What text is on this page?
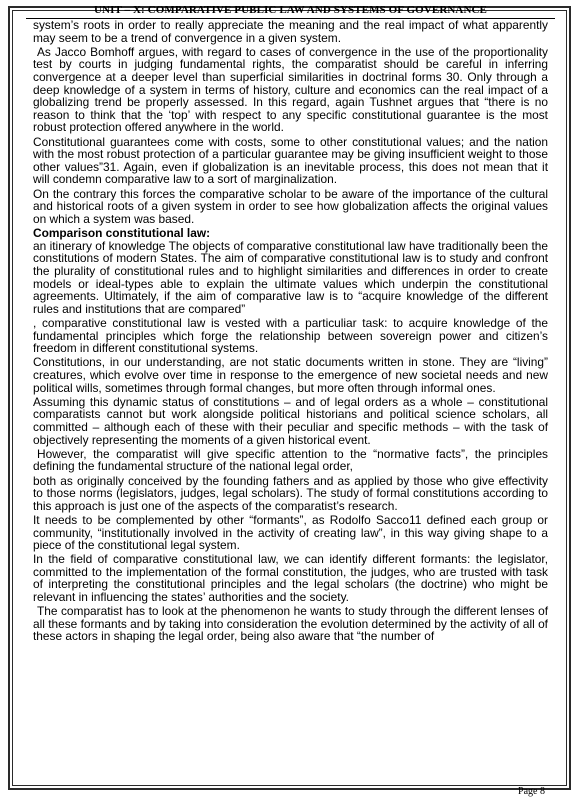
UNIT – X: COMPARATIVE PUBLIC LAW AND SYSTEMS OF GOVERNANCE

system’s roots in order to really appreciate the meaning and the real impact of what apparently may seem to be a trend of convergence in a given system.

As Jacco Bomhoff argues, with regard to cases of convergence in the use of the proportionality test by courts in judging fundamental rights, the comparatist should be careful in inferring convergence at a deeper level than superficial similarities in doctrinal forms 30. Only through a deep knowledge of a system in terms of history, culture and economics can the real impact of a globalizing trend be properly assessed. In this regard, again Tushnet argues that “there is no reason to think that the ‘top’ with respect to any specific constitutional guarantee is the most robust protection offered anywhere in the world.

Constitutional guarantees come with costs, some to other constitutional values; and the nation with the most robust protection of a particular guarantee may be giving insufficient weight to those other values”31. Again, even if globalization is an inevitable process, this does not mean that it will condemn comparative law to a sort of marginalization.

On the contrary this forces the comparative scholar to be aware of the importance of the cultural and historical roots of a given system in order to see how globalization affects the original values on which a system was based.

Comparison constitutional law:

an itinerary of knowledge The objects of comparative constitutional law have traditionally been the constitutions of modern States. The aim of comparative constitutional law is to study and confront the plurality of constitutional rules and to highlight similarities and differences in order to create models or ideal-types able to explain the ultimate values which underpin the constitutional agreements. Ultimately, if the aim of comparative law is to “acquire knowledge of the different rules and institutions that are compared”

, comparative constitutional law is vested with a particuliar task: to acquire knowledge of the fundamental principles which forge the relationship between sovereign power and citizen’s freedom in different constitutional systems.

Constitutions, in our understanding, are not static documents written in stone. They are “living” creatures, which evolve over time in response to the emergence of new societal needs and new political wills, sometimes through formal changes, but more often through informal ones.

Assuming this dynamic status of constitutions – and of legal orders as a whole – constitutional comparatists cannot but work alongside political historians and political science scholars, all committed – although each of these with their peculiar and specific methods – with the task of objectively representing the moments of a given historical event.

However, the comparatist will give specific attention to the “normative facts”, the principles defining the fundamental structure of the national legal order,

both as originally conceived by the founding fathers and as applied by those who give effectivity to those norms (legislators, judges, legal scholars). The study of formal constitutions according to this approach is just one of the aspects of the comparatist’s research.

It needs to be complemented by other “formants”, as Rodolfo Sacco11 defined each group or community, “institutionally involved in the activity of creating law”, in this way giving shape to a piece of the constitutional legal system.

In the field of comparative constitutional law, we can identify different formants: the legislator, committed to the implementation of the formal constitution, the judges, who are trusted with task of interpreting the constitutional principles and the legal scholars (the doctrine) who might be relevant in influencing the states’ authorities and the society.

The comparatist has to look at the phenomenon he wants to study through the different lenses of all these formants and by taking into consideration the evolution determined by the activity of all of these actors in shaping the legal order, being also aware that “the number of

Page 8
